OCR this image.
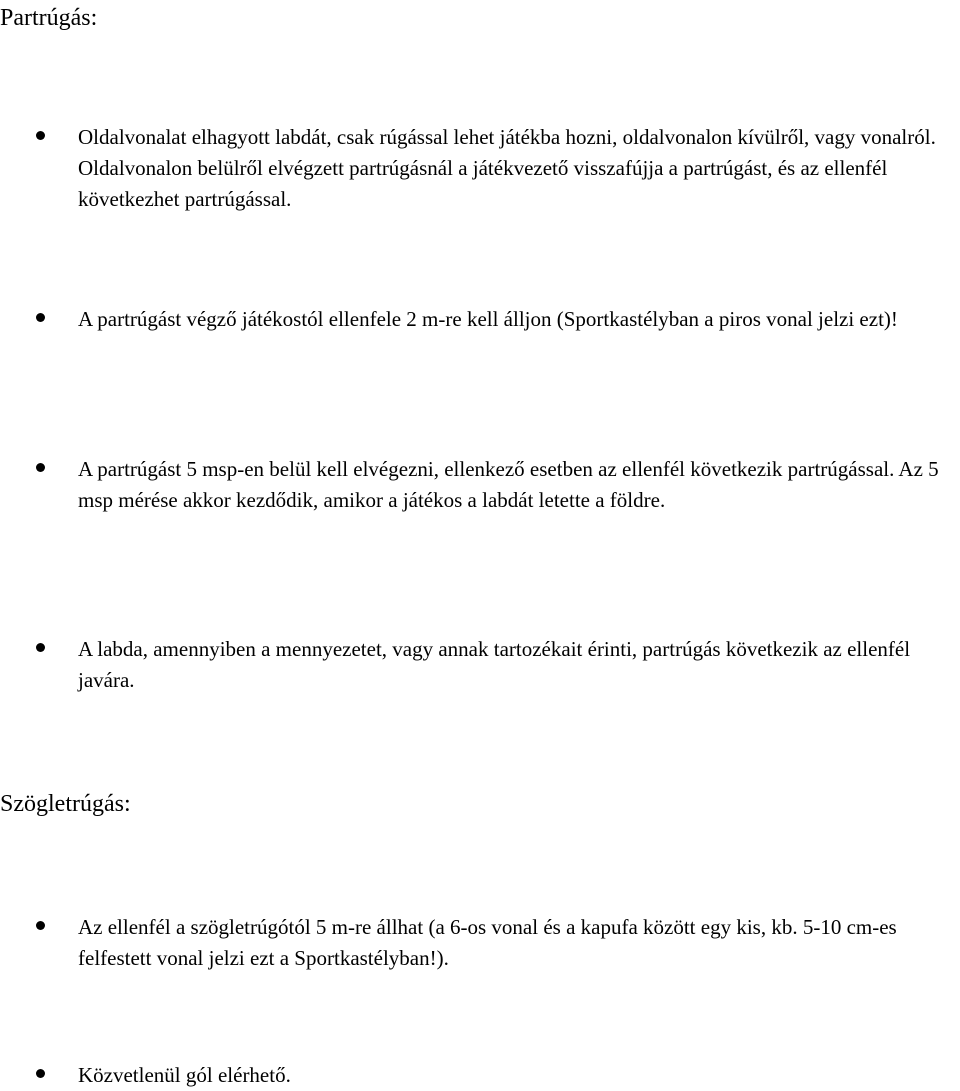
Partrúgás:

Oldalvonalat elhagyott labdát, csak rúgással lehet játékba hozni, oldalvonalon kívülről, vagy vonalról. Oldalvonalon belülről elvégzett partrúgásnál a játékvezető visszafújja a partrúgást, és az ellenfél következhet partrúgással.

A partrúgást végző játékostól ellenfele 2 m-re kell álljon (Sportkastélyban a piros vonal jelzi ezt)!

A partrúgást 5 msp-en belül kell elvégezni, ellenkező esetben az ellenfél következik partrúgással. Az 5 msp mérése akkor kezdődik, amikor a játékos a labdát letette a földre.

A labda, amennyiben a mennyezetet, vagy annak tartozékait érinti, partrúgás következik az ellenfél javára.

Szögletrúgás:

Az ellenfél a szögletrúgótól 5 m-re állhat (a 6-os vonal és a kapufa között egy kis, kb. 5-10 cm-es felfestett vonal jelzi ezt a Sportkastélyban!).

Közvetlenül gól elérhető.
